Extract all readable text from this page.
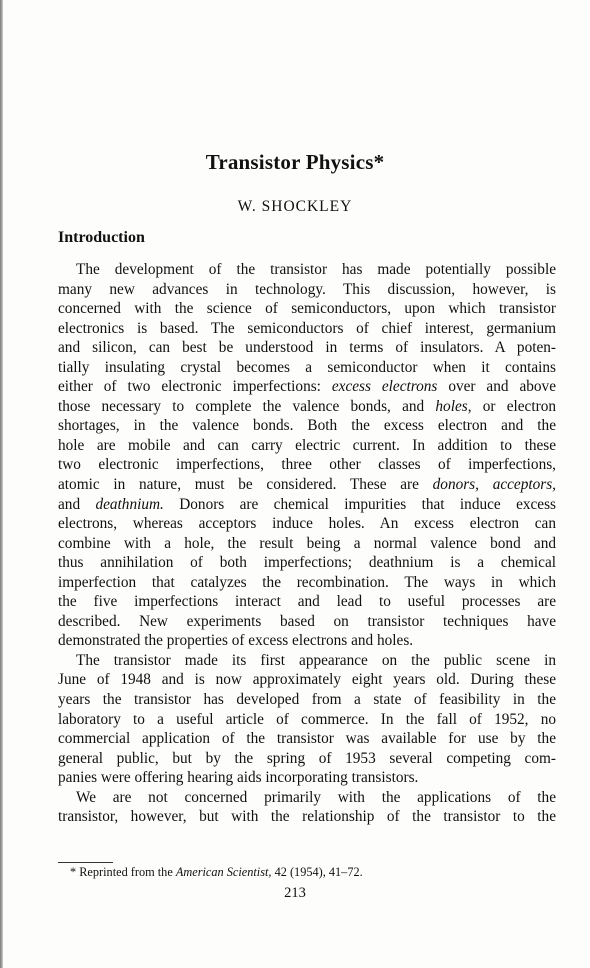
Transistor Physics*
W. SHOCKLEY
Introduction
The development of the transistor has made potentially possible
many new advances in technology. This discussion, however, is
concerned with the science of semiconductors, upon which transistor
electronics is based. The semiconductors of chief interest, germanium
and silicon, can best be understood in terms of insulators. A poten-
tially insulating crystal becomes a semiconductor when it contains
either of two electronic imperfections: excess electrons over and above
those necessary to complete the valence bonds, and holes, or electron
shortages, in the valence bonds. Both the excess electron and the
hole are mobile and can carry electric current. In addition to these
two electronic imperfections, three other classes of imperfections,
atomic in nature, must be considered. These are donors, acceptors,
and deathnium. Donors are chemical impurities that induce excess
electrons, whereas acceptors induce holes. An excess electron can
combine with a hole, the result being a normal valence bond and
thus annihilation of both imperfections; deathnium is a chemical
imperfection that catalyzes the recombination. The ways in which
the five imperfections interact and lead to useful processes are
described. New experiments based on transistor techniques have
demonstrated the properties of excess electrons and holes.
The transistor made its first appearance on the public scene in
June of 1948 and is now approximately eight years old. During these
years the transistor has developed from a state of feasibility in the
laboratory to a useful article of commerce. In the fall of 1952, no
commercial application of the transistor was available for use by the
general public, but by the spring of 1953 several competing com-
panies were offering hearing aids incorporating transistors.
We are not concerned primarily with the applications of the
transistor, however, but with the relationship of the transistor to the
* Reprinted from the American Scientist, 42 (1954), 41–72.
213
